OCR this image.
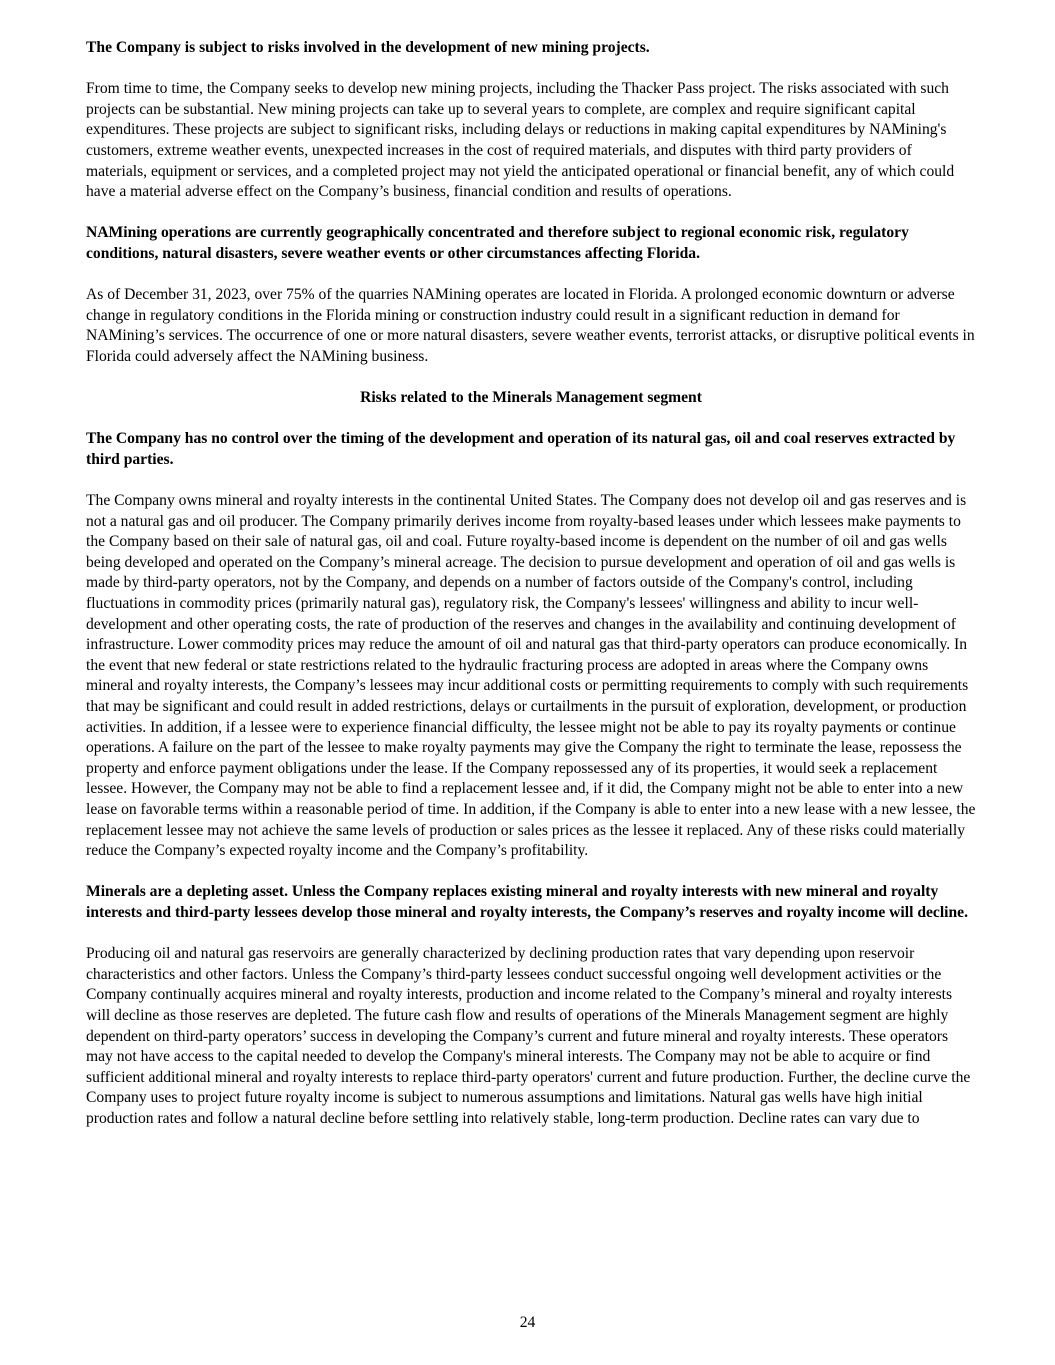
The Company is subject to risks involved in the development of new mining projects.

From time to time, the Company seeks to develop new mining projects, including the Thacker Pass project. The risks associated with such projects can be substantial. New mining projects can take up to several years to complete, are complex and require significant capital expenditures. These projects are subject to significant risks, including delays or reductions in making capital expenditures by NAMining's customers, extreme weather events, unexpected increases in the cost of required materials, and disputes with third party providers of materials, equipment or services, and a completed project may not yield the anticipated operational or financial benefit, any of which could have a material adverse effect on the Company’s business, financial condition and results of operations.

NAMining operations are currently geographically concentrated and therefore subject to regional economic risk, regulatory conditions, natural disasters, severe weather events or other circumstances affecting Florida.

As of December 31, 2023, over 75% of the quarries NAMining operates are located in Florida. A prolonged economic downturn or adverse change in regulatory conditions in the Florida mining or construction industry could result in a significant reduction in demand for NAMining’s services. The occurrence of one or more natural disasters, severe weather events, terrorist attacks, or disruptive political events in Florida could adversely affect the NAMining business.

Risks related to the Minerals Management segment

The Company has no control over the timing of the development and operation of its natural gas, oil and coal reserves extracted by third parties.

The Company owns mineral and royalty interests in the continental United States. The Company does not develop oil and gas reserves and is not a natural gas and oil producer. The Company primarily derives income from royalty-based leases under which lessees make payments to the Company based on their sale of natural gas, oil and coal. Future royalty-based income is dependent on the number of oil and gas wells being developed and operated on the Company’s mineral acreage. The decision to pursue development and operation of oil and gas wells is made by third-party operators, not by the Company, and depends on a number of factors outside of the Company's control, including fluctuations in commodity prices (primarily natural gas), regulatory risk, the Company's lessees' willingness and ability to incur well-development and other operating costs, the rate of production of the reserves and changes in the availability and continuing development of infrastructure. Lower commodity prices may reduce the amount of oil and natural gas that third-party operators can produce economically. In the event that new federal or state restrictions related to the hydraulic fracturing process are adopted in areas where the Company owns mineral and royalty interests, the Company’s lessees may incur additional costs or permitting requirements to comply with such requirements that may be significant and could result in added restrictions, delays or curtailments in the pursuit of exploration, development, or production activities. In addition, if a lessee were to experience financial difficulty, the lessee might not be able to pay its royalty payments or continue operations. A failure on the part of the lessee to make royalty payments may give the Company the right to terminate the lease, repossess the property and enforce payment obligations under the lease. If the Company repossessed any of its properties, it would seek a replacement lessee. However, the Company may not be able to find a replacement lessee and, if it did, the Company might not be able to enter into a new lease on favorable terms within a reasonable period of time. In addition, if the Company is able to enter into a new lease with a new lessee, the replacement lessee may not achieve the same levels of production or sales prices as the lessee it replaced. Any of these risks could materially reduce the Company’s expected royalty income and the Company’s profitability.

Minerals are a depleting asset. Unless the Company replaces existing mineral and royalty interests with new mineral and royalty interests and third-party lessees develop those mineral and royalty interests, the Company’s reserves and royalty income will decline.

Producing oil and natural gas reservoirs are generally characterized by declining production rates that vary depending upon reservoir characteristics and other factors. Unless the Company’s third-party lessees conduct successful ongoing well development activities or the Company continually acquires mineral and royalty interests, production and income related to the Company’s mineral and royalty interests will decline as those reserves are depleted. The future cash flow and results of operations of the Minerals Management segment are highly dependent on third-party operators’ success in developing the Company’s current and future mineral and royalty interests. These operators may not have access to the capital needed to develop the Company's mineral interests. The Company may not be able to acquire or find sufficient additional mineral and royalty interests to replace third-party operators' current and future production. Further, the decline curve the Company uses to project future royalty income is subject to numerous assumptions and limitations. Natural gas wells have high initial production rates and follow a natural decline before settling into relatively stable, long-term production. Decline rates can vary due to

24
